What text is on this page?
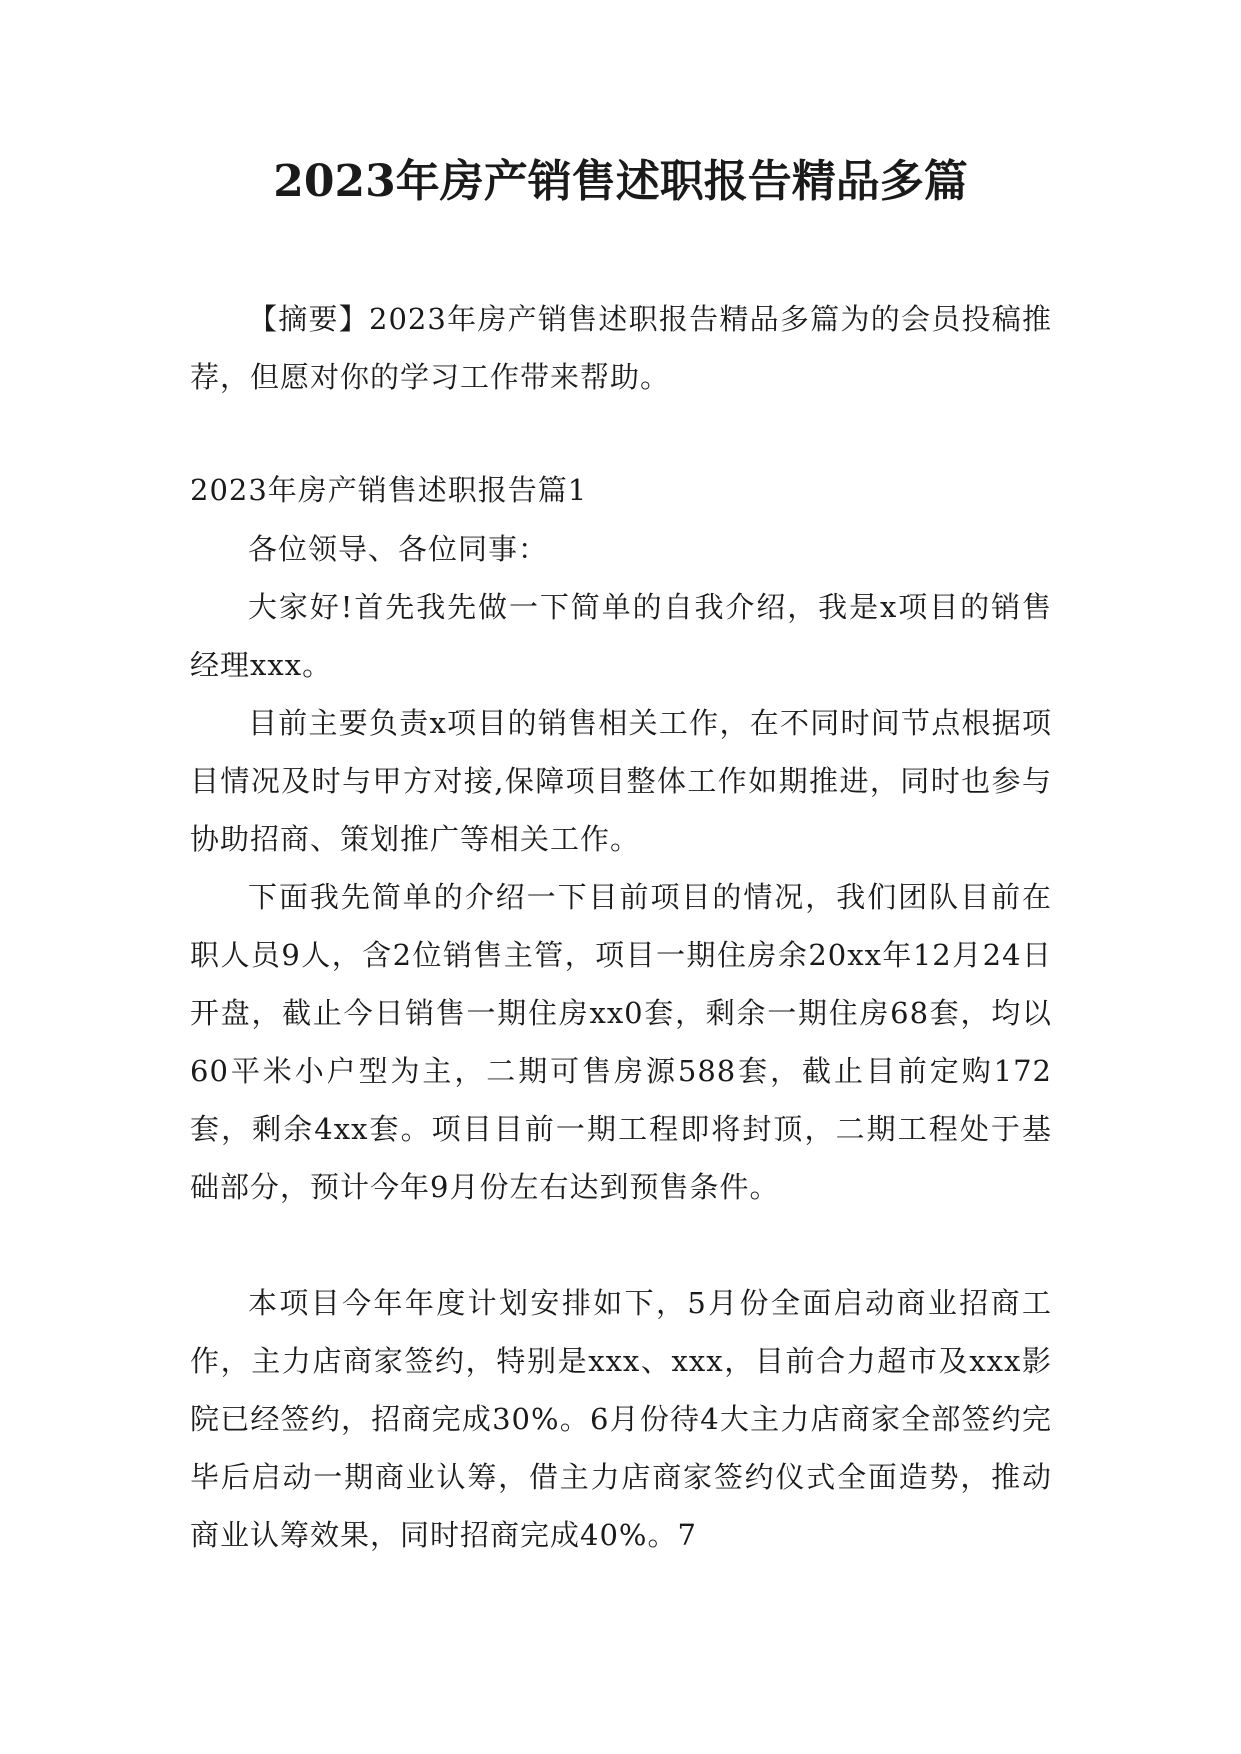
2023年房产销售述职报告精品多篇

【摘要】2023年房产销售述职报告精品多篇为的会员投稿推荐，但愿对你的学习工作带来帮助。

2023年房产销售述职报告篇1

各位领导、各位同事：

大家好!首先我先做一下简单的自我介绍，我是x项目的销售经理xxx。

目前主要负责x项目的销售相关工作，在不同时间节点根据项目情况及时与甲方对接,保障项目整体工作如期推进，同时也参与协助招商、策划推广等相关工作。

下面我先简单的介绍一下目前项目的情况，我们团队目前在职人员9人，含2位销售主管，项目一期住房余20xx年12月24日开盘，截止今日销售一期住房xx0套，剩余一期住房68套，均以60平米小户型为主，二期可售房源588套，截止目前定购172套，剩余4xx套。项目目前一期工程即将封顶，二期工程处于基础部分，预计今年9月份左右达到预售条件。

本项目今年年度计划安排如下，5月份全面启动商业招商工作，主力店商家签约，特别是xxx、xxx，目前合力超市及xxx影院已经签约，招商完成30%。6月份待4大主力店商家全部签约完毕后启动一期商业认筹，借主力店商家签约仪式全面造势，推动商业认筹效果，同时招商完成40%。7
